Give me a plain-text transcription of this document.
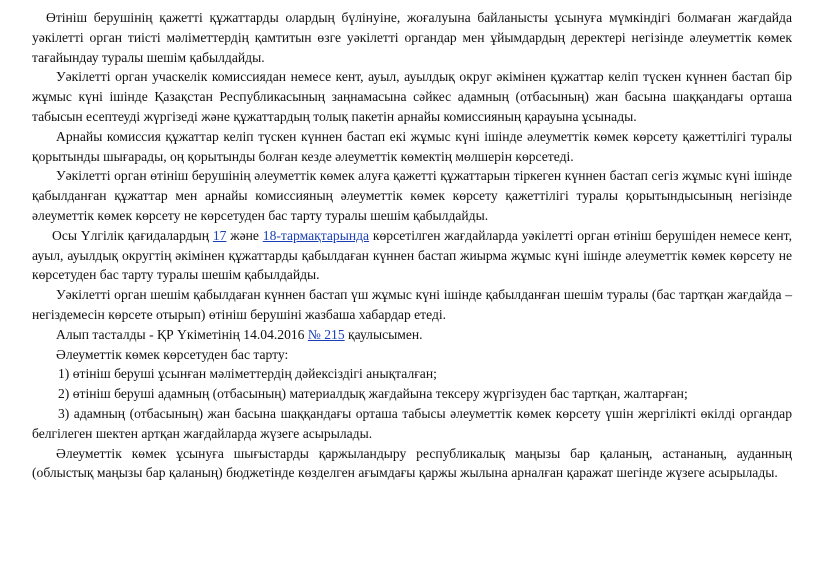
Өтініш берушінің қажетті құжаттарды олардың бүлінуіне, жоғалуына байланысты ұсынуға мүмкіндігі болмаған жағдайда уәкілетті орган тиісті мәліметтердің қамтитын өзге уәкілетті органдар мен ұйымдардың деректері негізінде әлеуметтік көмек тағайындау туралы шешім қабылдайды.

Уәкілетті орган учаскелік комиссиядан немесе кент, ауыл, ауылдық округ әкімінен құжаттар келіп түскен күннен бастап бір жұмыс күні ішінде Қазақстан Республикасының заңнамасына сәйкес адамның (отбасының) жан басына шаққандағы орташа табысын есептеуді жүргізеді және құжаттардың толық пакетін арнайы комиссияның қарауына ұсынады.

Арнайы комиссия құжаттар келіп түскен күннен бастап екі жұмыс күні ішінде әлеуметтік көмек көрсету қажеттілігі туралы қорытынды шығарады, оң қорытынды болған кезде әлеуметтік көмектің мөлшерін көрсетеді.

Уәкілетті орган өтініш берушінің әлеуметтік көмек алуға қажетті құжаттарын тіркеген күннен бастап сегіз жұмыс күні ішінде қабылданған құжаттар мен арнайы комиссияның әлеуметтік көмек көрсету қажеттілігі туралы қорытындысының негізінде әлеуметтік көмек көрсету не көрсетуден бас тарту туралы шешім қабылдайды.

Осы Үлгілік қағидалардың 17 және 18-тармақтарында көрсетілген жағдайларда уәкілетті орган өтініш берушіден немесе кент, ауыл, ауылдық округтің әкімінен құжаттарды қабылдаған күннен бастап жиырма жұмыс күні ішінде әлеуметтік көмек көрсету не көрсетуден бас тарту туралы шешім қабылдайды.

Уәкілетті орган шешім қабылдаған күннен бастап үш жұмыс күні ішінде қабылданған шешім туралы (бас тартқан жағдайда – негіздемесін көрсете отырып) өтініш берушіні жазбаша хабардар етеді.

Алып тасталды - ҚР Үкіметінің 14.04.2016 № 215 қаулысымен.

Әлеуметтік көмек көрсетуден бас тарту:

1) өтініш беруші ұсынған мәліметтердің дәйексіздігі анықталған;

2) өтініш беруші адамның (отбасының) материалдық жағдайына тексеру жүргізуден бас тартқан, жалтарған;

3) адамның (отбасының) жан басына шаққандағы орташа табысы әлеуметтік көмек көрсету үшін жергілікті өкілді органдар белгілеген шектен артқан жағдайларда жүзеге асырылады.

Әлеуметтік көмек ұсынуға шығыстарды қаржыландыру республикалық маңызы бар қаланың, астананың, ауданның (облыстық маңызы бар қаланың) бюджетінде көзделген ағымдағы қаржы жылына арналған қаражат шегінде жүзеге асырылады.
